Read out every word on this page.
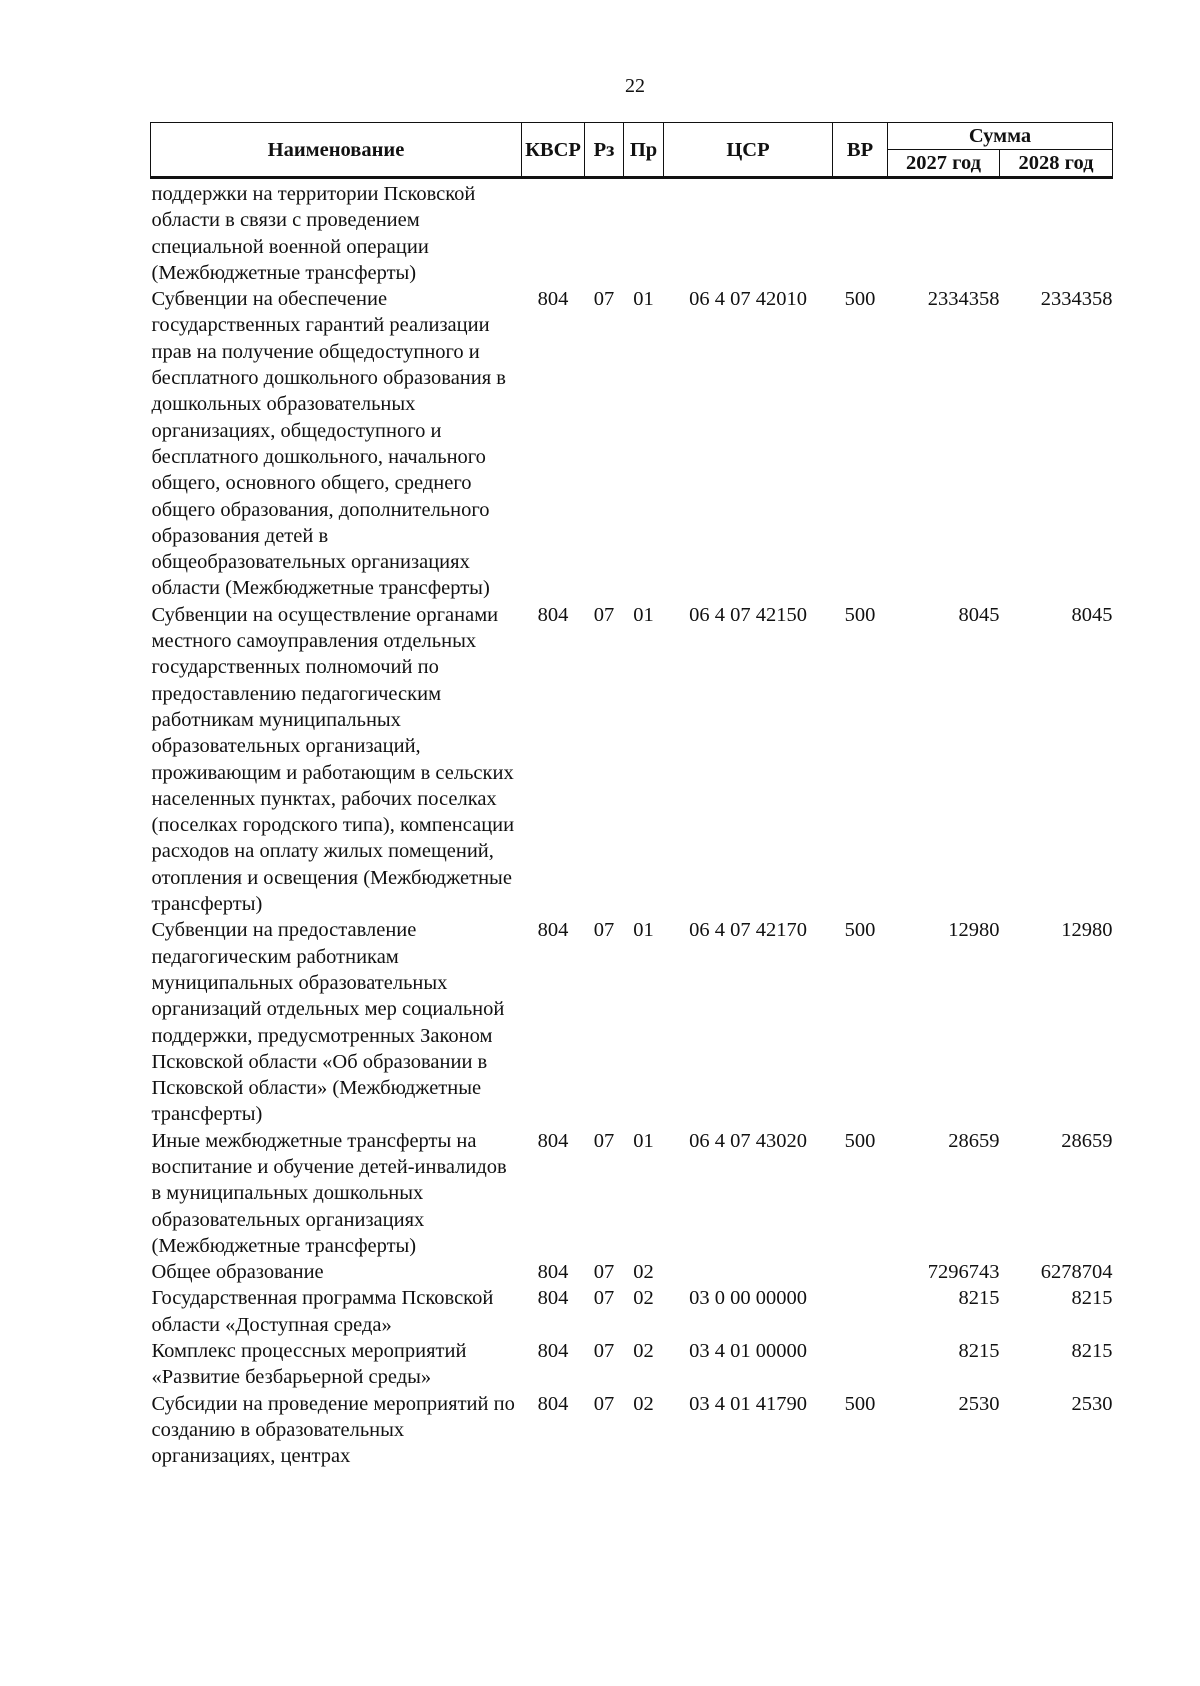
22
Наименование	КВСР	Рз	Пр	ЦСР	ВР	Сумма	
						2027 год	2028 год
поддержки на территории Псковской области в связи с проведением специальной военной операции (Межбюджетные трансферты)							
Субвенции на обеспечение государственных гарантий реализации прав на получение общедоступного и бесплатного дошкольного образования в дошкольных образовательных организациях, общедоступного и бесплатного дошкольного, начального общего, основного общего, среднего общего образования, дополнительного образования детей в общеобразовательных организациях области (Межбюджетные трансферты)	804	07	01	06 4 07 42010	500	2334358	2334358
Субвенции на осуществление органами местного самоуправления отдельных государственных полномочий по предоставлению педагогическим работникам муниципальных образовательных организаций, проживающим и работающим в сельских населенных пунктах, рабочих поселках (поселках городского типа), компенсации расходов на оплату жилых помещений, отопления и освещения (Межбюджетные трансферты)	804	07	01	06 4 07 42150	500	8045	8045
Субвенции на предоставление педагогическим работникам муниципальных образовательных организаций отдельных мер социальной поддержки, предусмотренных Законом Псковской области «Об образовании в Псковской области» (Межбюджетные трансферты)	804	07	01	06 4 07 42170	500	12980	12980
Иные межбюджетные трансферты на воспитание и обучение детей-инвалидов в муниципальных дошкольных образовательных организациях (Межбюджетные трансферты)	804	07	01	06 4 07 43020	500	28659	28659
Общее образование	804	07	02			7296743	6278704
Государственная программа Псковской области «Доступная среда»	804	07	02	03 0 00 00000		8215	8215
Комплекс процессных мероприятий «Развитие безбарьерной среды»	804	07	02	03 4 01 00000		8215	8215
Субсидии на проведение мероприятий по созданию в образовательных организациях, центрах	804	07	02	03 4 01 41790	500	2530	2530
